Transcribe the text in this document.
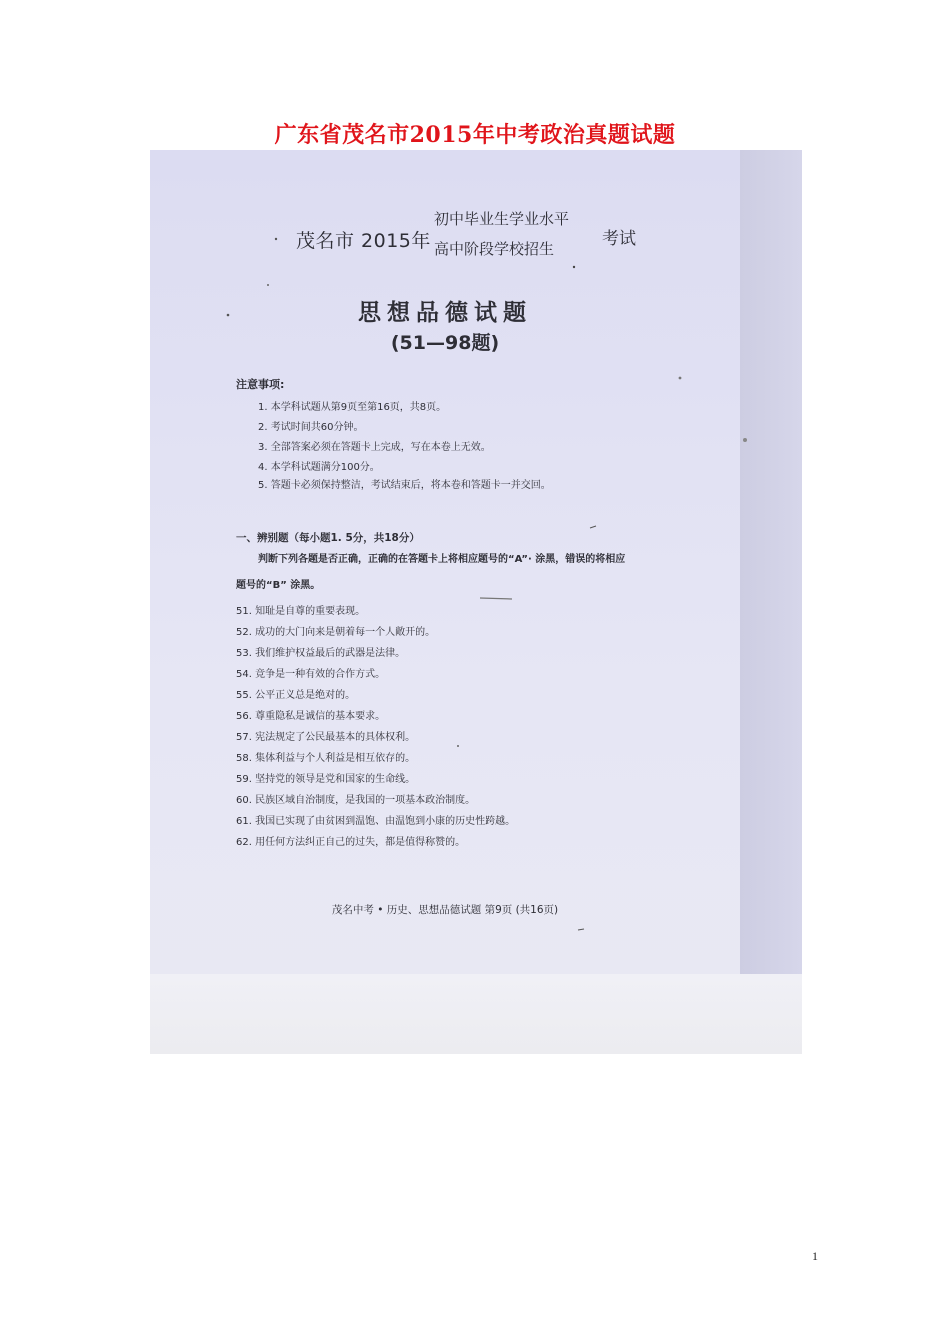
广东省茂名市2015年中考政治真题试题
茂名市 2015年
初中毕业生学业水平
高中阶段学校招生	考试
思想品德试题
(51—98题)
注意事项:
1. 本学科试题从第9页至第16页，共8页。
2. 考试时间共60分钟。
3. 全部答案必须在答题卡上完成，写在本卷上无效。
4. 本学科试题满分100分。
5. 答题卡必须保持整洁，考试结束后，将本卷和答题卡一并交回。
一、辨别题（每小题1. 5分，共18分）
判断下列各题是否正确，正确的在答题卡上将相应题号的“A”· 涂黑，错误的将相应
题号的“B” 涂黑。
51. 知耻是自尊的重要表现。
52. 成功的大门向来是朝着每一个人敞开的。
53. 我们维护权益最后的武器是法律。
54. 竞争是一种有效的合作方式。
55. 公平正义总是绝对的。
56. 尊重隐私是诚信的基本要求。
57. 宪法规定了公民最基本的具体权利。
58. 集体利益与个人利益是相互依存的。
59. 坚持党的领导是党和国家的生命线。
60. 民族区域自治制度，是我国的一项基本政治制度。
61. 我国已实现了由贫困到温饱、由温饱到小康的历史性跨越。
62. 用任何方法纠正自己的过失，都是值得称赞的。
茂名中考 • 历史、思想品德试题 第9页 (共16页)
1
